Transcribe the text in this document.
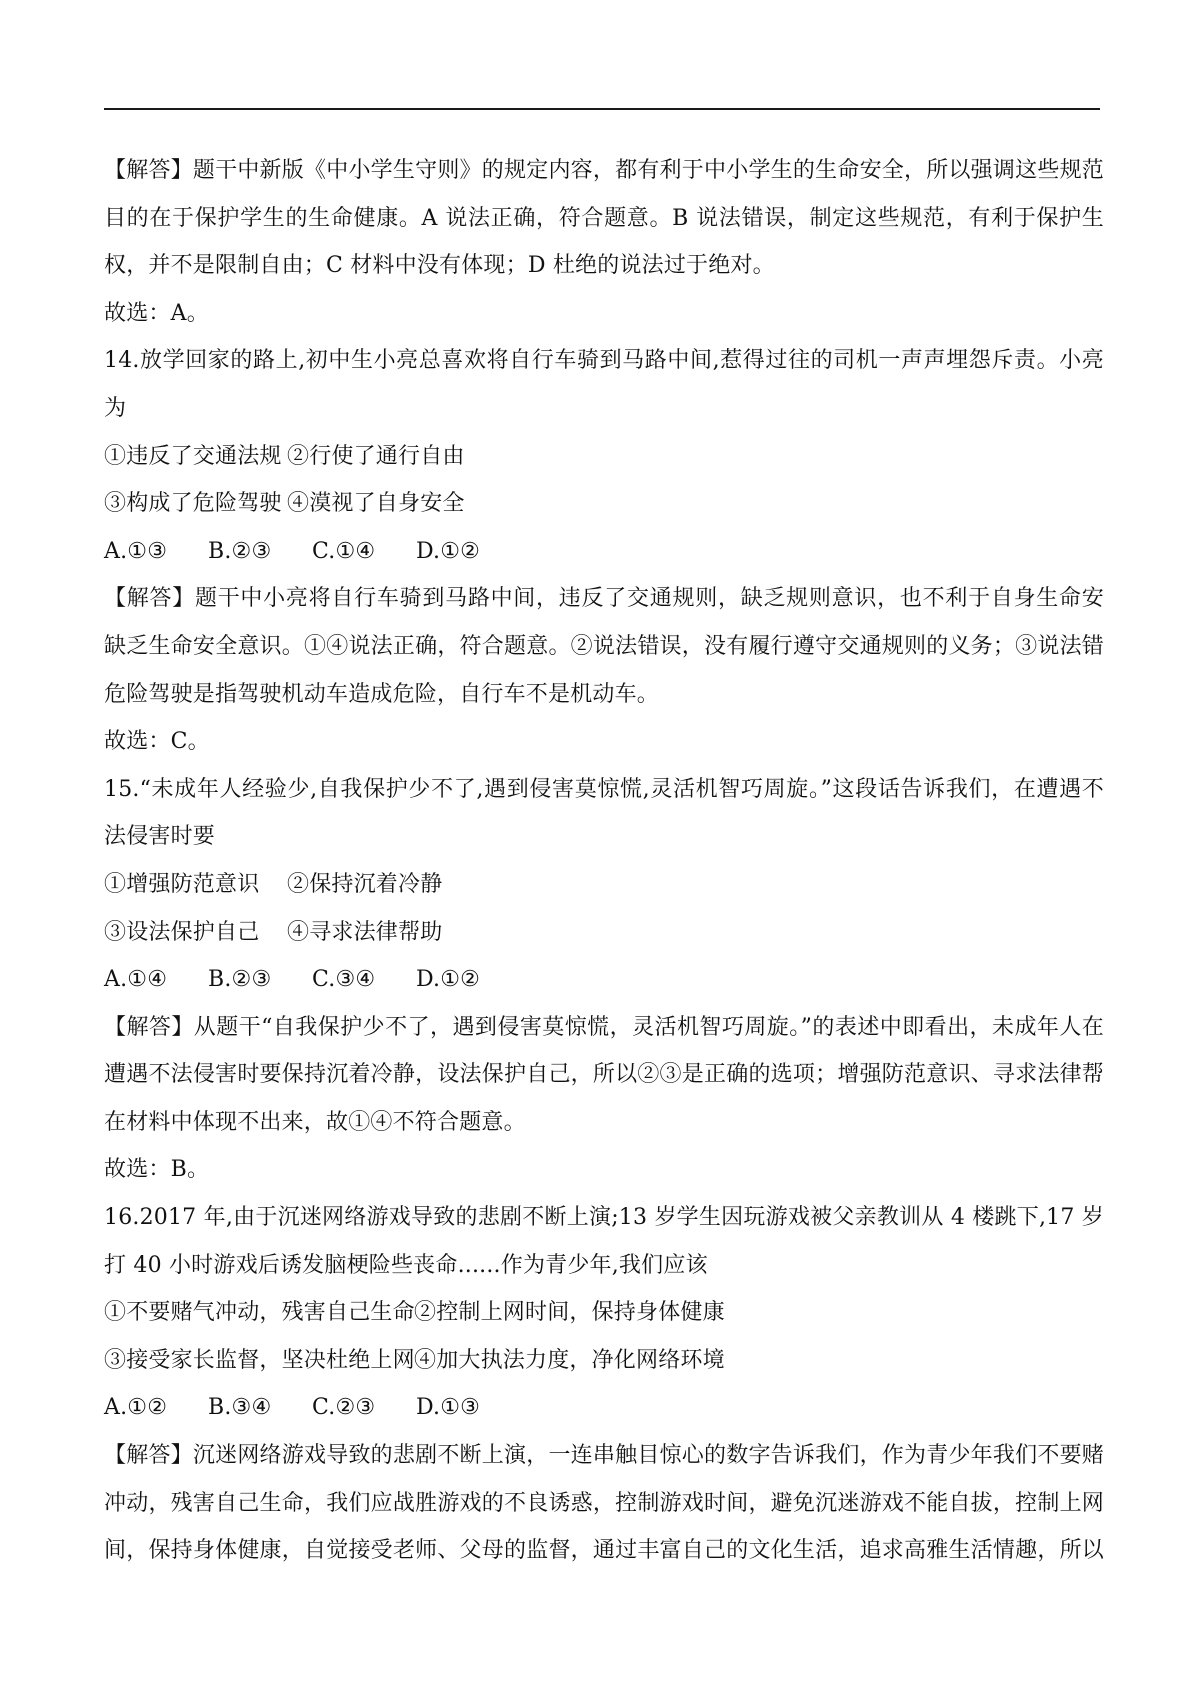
【解答】题干中新版《中小学生守则》的规定内容，都有利于中小学生的生命安全，所以强调这些规范
目的在于保护学生的生命健康。A 说法正确，符合题意。B 说法错误，制定这些规范，有利于保护生
权，并不是限制自由；C 材料中没有体现；D 杜绝的说法过于绝对。
故选：A。
14.放学回家的路上,初中生小亮总喜欢将自行车骑到马路中间,惹得过往的司机一声声埋怨斥责。小亮
为
①违反了交通法规 ②行使了通行自由
③构成了危险驾驶 ④漠视了自身安全
A.①③ B.②③ C.①④ D.①②
【解答】题干中小亮将自行车骑到马路中间，违反了交通规则，缺乏规则意识，也不利于自身生命安
缺乏生命安全意识。①④说法正确，符合题意。②说法错误，没有履行遵守交通规则的义务；③说法错
危险驾驶是指驾驶机动车造成危险，自行车不是机动车。
故选：C。
15.“未成年人经验少,自我保护少不了,遇到侵害莫惊慌,灵活机智巧周旋。”这段话告诉我们，在遭遇不
法侵害时要
①增强防范意识 ②保持沉着冷静
③设法保护自己 ④寻求法律帮助
A.①④ B.②③ C.③④ D.①②
【解答】从题干“自我保护少不了，遇到侵害莫惊慌，灵活机智巧周旋。”的表述中即看出，未成年人在
遭遇不法侵害时要保持沉着冷静，设法保护自己，所以②③是正确的选项；增强防范意识、寻求法律帮
在材料中体现不出来，故①④不符合题意。
故选：B。
16.2017 年,由于沉迷网络游戏导致的悲剧不断上演;13 岁学生因玩游戏被父亲教训从 4 楼跳下,17 岁
打 40 小时游戏后诱发脑梗险些丧命......作为青少年,我们应该
①不要赌气冲动，残害自己生命②控制上网时间，保持身体健康
③接受家长监督，坚决杜绝上网④加大执法力度，净化网络环境
A.①② B.③④ C.②③ D.①③
【解答】沉迷网络游戏导致的悲剧不断上演，一连串触目惊心的数字告诉我们，作为青少年我们不要赌
冲动，残害自己生命，我们应战胜游戏的不良诱惑，控制游戏时间，避免沉迷游戏不能自拔，控制上网
间，保持身体健康，自觉接受老师、父母的监督，通过丰富自己的文化生活，追求高雅生活情趣，所以
